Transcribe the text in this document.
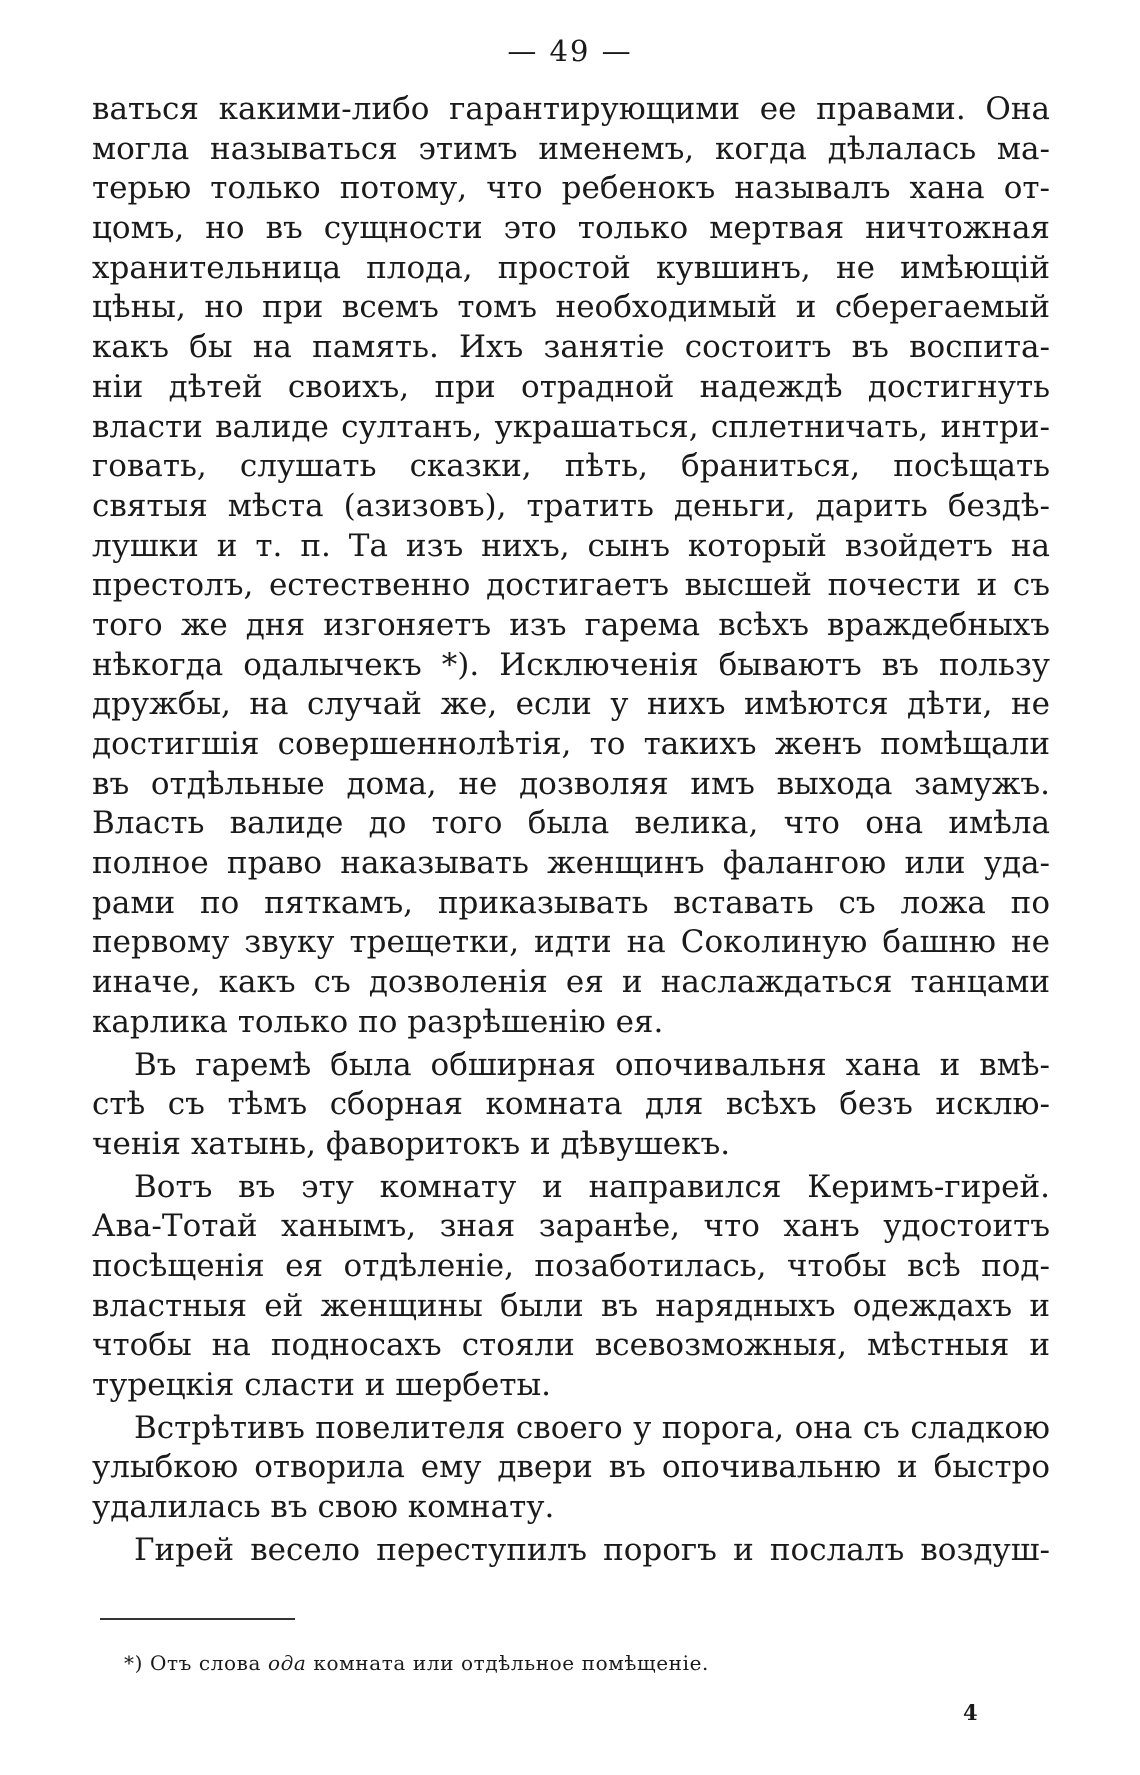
— 49 —
ваться какими-либо гарантирующими ее правами. Она
могла называться этимъ именемъ, когда дѣлалась ма-
терью только потому, что ребенокъ называлъ хана от-
цомъ, но въ сущности это только мертвая ничтожная
хранительница плода, простой кувшинъ, не имѣющій
цѣны, но при всемъ томъ необходимый и сберегаемый
какъ бы на память. Ихъ занятіе состоитъ въ воспита-
ніи дѣтей своихъ, при отрадной надеждѣ достигнуть
власти валиде султанъ, украшаться, сплетничать, интри-
говать, слушать сказки, пѣть, браниться, посѣщать
святыя мѣста (азизовъ), тратить деньги, дарить бездѣ-
лушки и т. п. Та изъ нихъ, сынъ который взойдетъ на
престолъ, естественно достигаетъ высшей почести и съ
того же дня изгоняетъ изъ гарема всѣхъ враждебныхъ
нѣкогда одалычекъ *). Исключенія бываютъ въ пользу
дружбы, на случай же, если у нихъ имѣются дѣти, не
достигшія совершеннолѣтія, то такихъ женъ помѣщали
въ отдѣльные дома, не дозволяя имъ выхода замужъ.
Власть валиде до того была велика, что она имѣла
полное право наказывать женщинъ фалангою или уда-
рами по пяткамъ, приказывать вставать съ ложа по
первому звуку трещетки, идти на Соколиную башню не
иначе, какъ съ дозволенія ея и наслаждаться танцами
карлика только по разрѣшенію ея.
Въ гаремѣ была обширная опочивальня хана и вмѣ-
стѣ съ тѣмъ сборная комната для всѣхъ безъ исклю-
ченія хатынь, фаворитокъ и дѣвушекъ.
Вотъ въ эту комнату и направился Керимъ-гирей.
Ава-Тотай ханымъ, зная заранѣе, что ханъ удостоитъ
посѣщенія ея отдѣленіе, позаботилась, чтобы всѣ под-
властныя ей женщины были въ нарядныхъ одеждахъ и
чтобы на подносахъ стояли всевозможныя, мѣстныя и
турецкія сласти и шербеты.
Встрѣтивъ повелителя своего у порога, она съ сладкою
улыбкою отворила ему двери въ опочивальню и быстро
удалилась въ свою комнату.
Гирей весело переступилъ порогъ и послалъ воздуш-
*) Отъ слова ода комната или отдѣльное помѣщеніе.
4
